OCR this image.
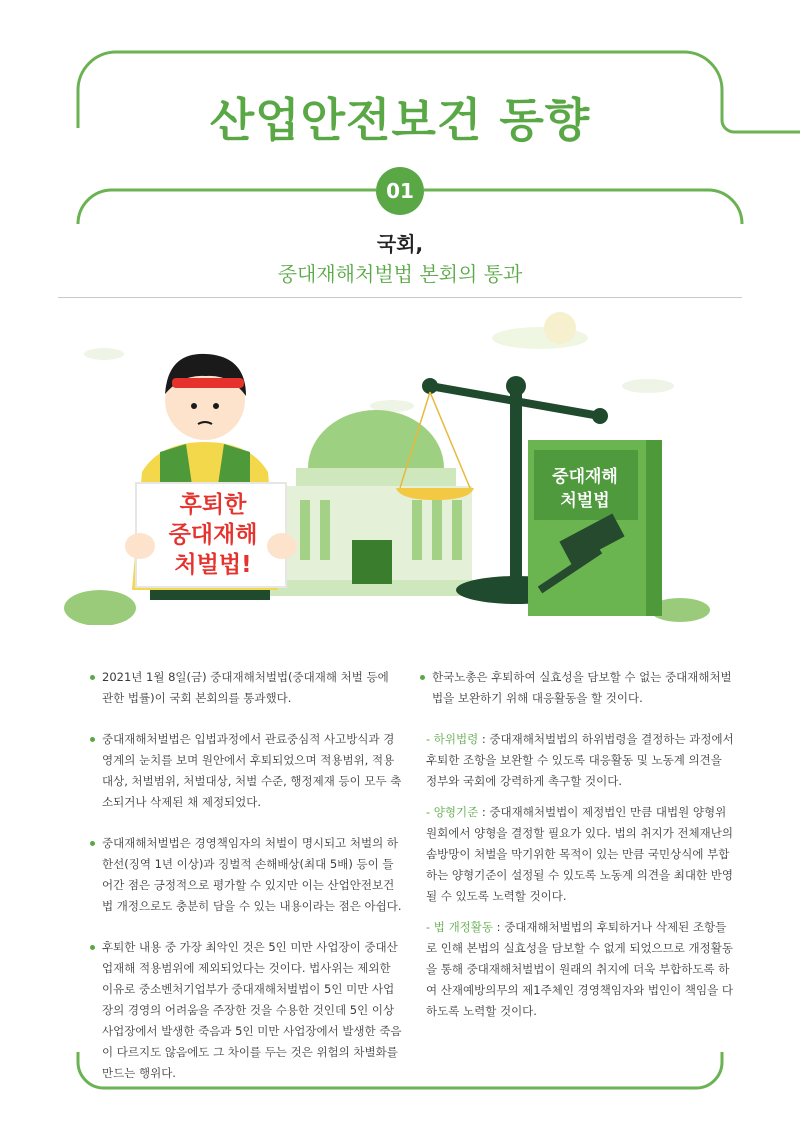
산업안전보건 동향
01
국회,
중대재해처벌법 본회의 통과
후퇴한
중대재해
처벌법!
중대재해
처벌법
2021년 1월 8일(금) 중대재해처벌법(중대재해 처벌 등에 관한 법률)이 국회 본회의를 통과했다.
중대재해처벌법은 입법과정에서 관료중심적 사고방식과 경영계의 눈치를 보며 원안에서 후퇴되었으며 적용범위, 적용대상, 처벌범위, 처벌대상, 처벌 수준, 행정제재 등이 모두 축소되거나 삭제된 채 제정되었다.
중대재해처벌법은 경영책임자의 처벌이 명시되고 처벌의 하한선(징역 1년 이상)과 징벌적 손해배상(최대 5배) 등이 들어간 점은 긍정적으로 평가할 수 있지만 이는 산업안전보건법 개정으로도 충분히 담을 수 있는 내용이라는 점은 아쉽다.
후퇴한 내용 중 가장 최악인 것은 5인 미만 사업장이 중대산업재해 적용범위에 제외되었다는 것이다. 법사위는 제외한 이유로 중소벤처기업부가 중대재해처벌법이 5인 미만 사업장의 경영의 어려움을 주장한 것을 수용한 것인데 5인 이상 사업장에서 발생한 죽음과 5인 미만 사업장에서 발생한 죽음이 다르지도 않음에도 그 차이를 두는 것은 위험의 차별화를 만드는 행위다.
한국노총은 후퇴하여 실효성을 담보할 수 없는 중대재해처벌법을 보완하기 위해 대응활동을 할 것이다.
- 하위법령 : 중대재해처벌법의 하위법령을 결정하는 과정에서 후퇴한 조항을 보완할 수 있도록 대응활동 및 노동계 의견을 정부와 국회에 강력하게 촉구할 것이다.
- 양형기준 : 중대재해처벌법이 제정법인 만큼 대법원 양형위원회에서 양형을 결정할 필요가 있다. 법의 취지가 전체재난의 솜방망이 처벌을 막기위한 목적이 있는 만큼 국민상식에 부합하는 양형기준이 설정될 수 있도록 노동계 의견을 최대한 반영될 수 있도록 노력할 것이다.
- 법 개정활동 : 중대재해처벌법의 후퇴하거나 삭제된 조항들로 인해 본법의 실효성을 담보할 수 없게 되었으므로 개정활동을 통해 중대재해처벌법이 원래의 취지에 더욱 부합하도록 하여 산재예방의무의 제1주체인 경영책임자와 법인이 책임을 다하도록 노력할 것이다.
